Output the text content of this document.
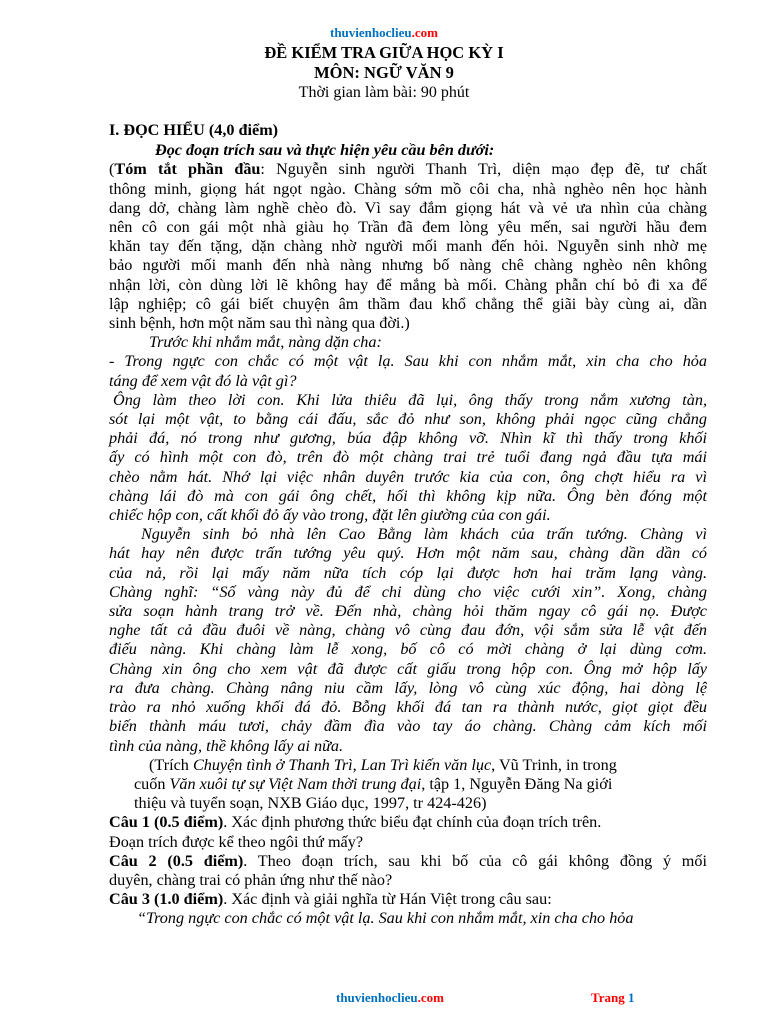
thuvienhoclieu.com
ĐỀ KIỂM TRA GIỮA HỌC KỲ I
MÔN: NGỮ VĂN 9
Thời gian làm bài: 90 phút

I. ĐỌC HIỂU (4,0 điểm)

Đọc đoạn trích sau và thực hiện yêu cầu bên dưới:

(Tóm tắt phần đầu: Nguyễn sinh người Thanh Trì, diện mạo đẹp đẽ, tư chất

thông minh, giọng hát ngọt ngào. Chàng sớm mồ côi cha, nhà nghèo nên học hành

dang dở, chàng làm nghề chèo đò. Vì say đắm giọng hát và vẻ ưa nhìn của chàng

nên cô con gái một nhà giàu họ Trần đã đem lòng yêu mến, sai người hầu đem

khăn tay đến tặng, dặn chàng nhờ người mối manh đến hỏi. Nguyễn sinh nhờ mẹ

bảo người mối manh đến nhà nàng nhưng bố nàng chê chàng nghèo nên không

nhận lời, còn dùng lời lẽ không hay để mắng bà mối. Chàng phẫn chí bỏ đi xa để

lập nghiệp; cô gái biết chuyện âm thầm đau khổ chẳng thể giãi bày cùng ai, dần

sinh bệnh, hơn một năm sau thì nàng qua đời.)

Trước khi nhắm mắt, nàng dặn cha:

- Trong ngực con chắc có một vật lạ. Sau khi con nhắm mắt, xin cha cho hỏa

táng để xem vật đó là vật gì?

Ông làm theo lời con. Khi lửa thiêu đã lụi, ông thấy trong nắm xương tàn,

sót lại một vật, to bằng cái đấu, sắc đỏ như son, không phải ngọc cũng chẳng

phải đá, nó trong như gương, búa đập không vỡ. Nhìn kĩ thì thấy trong khối

ấy có hình một con đò, trên đò một chàng trai trẻ tuổi đang ngả đầu tựa mái

chèo nằm hát. Nhớ lại việc nhân duyên trước kia của con, ông chợt hiểu ra vì

chàng lái đò mà con gái ông chết, hối thì không kịp nữa. Ông bèn đóng một

chiếc hộp con, cất khối đỏ ấy vào trong, đặt lên giường của con gái.

Nguyễn sinh bỏ nhà lên Cao Bằng làm khách của trấn tướng. Chàng vì

hát hay nên được trấn tướng yêu quý. Hơn một năm sau, chàng dần dần có

của nả, rồi lại mấy năm nữa tích cóp lại được hơn hai trăm lạng vàng.

Chàng nghĩ: “Số vàng này đủ để chi dùng cho việc cưới xin”. Xong, chàng

sửa soạn hành trang trở về. Đến nhà, chàng hỏi thăm ngay cô gái nọ. Được

nghe tất cả đầu đuôi về nàng, chàng vô cùng đau đớn, vội sắm sửa lễ vật đến

điếu nàng. Khi chàng làm lễ xong, bố cô có mời chàng ở lại dùng cơm.

Chàng xin ông cho xem vật đã được cất giấu trong hộp con. Ông mở hộp lấy

ra đưa chàng. Chàng nâng niu cầm lấy, lòng vô cùng xúc động, hai dòng lệ

trào ra nhỏ xuống khối đá đỏ. Bỗng khối đá tan ra thành nước, giọt giọt đều

biến thành máu tươi, chảy đầm đìa vào tay áo chàng. Chàng cảm kích mối

tình của nàng, thề không lấy ai nữa.

(Trích Chuyện tình ở Thanh Trì, Lan Trì kiến văn lục, Vũ Trinh, in trong

cuốn Văn xuôi tự sự Việt Nam thời trung đại, tập 1, Nguyễn Đăng Na giới

thiệu và tuyển soạn, NXB Giáo dục, 1997, tr 424-426)

Câu 1 (0.5 điểm). Xác định phương thức biểu đạt chính của đoạn trích trên.

Đoạn trích được kể theo ngôi thứ mấy?

Câu 2 (0.5 điểm). Theo đoạn trích, sau khi bố của cô gái không đồng ý mối

duyên, chàng trai có phản ứng như thế nào?

Câu 3 (1.0 điểm). Xác định và giải nghĩa từ Hán Việt trong câu sau:

“Trong ngực con chắc có một vật lạ. Sau khi con nhắm mắt, xin cha cho hỏa

thuvienhoclieu.com	Trang 1
